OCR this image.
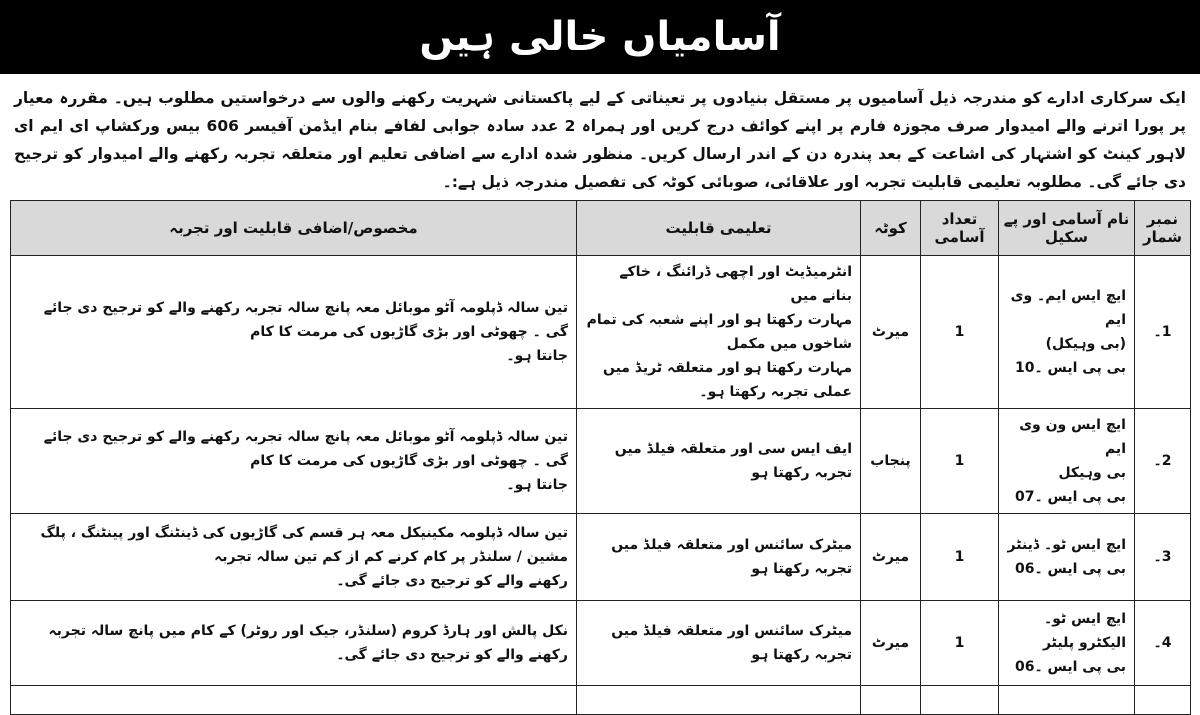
آسامیاں خالی ہیں
ایک سرکاری ادارے کو مندرجہ ذیل آسامیوں پر مستقل بنیادوں پر تعیناتی کے لیے پاکستانی شہریت رکھنے والوں سے درخواستیں مطلوب ہیں۔ مقررہ معیار پر پورا اترنے والے امیدوار صرف مجوزہ فارم پر اپنے کوائف درج کریں اور ہمراہ 2 عدد سادہ جوابی لفافے بنام ایڈمن آفیسر 606 بیس ورکشاپ ای ایم ای لاہور کینٹ کو اشتہار کی اشاعت کے بعد پندرہ دن کے اندر ارسال کریں۔ منظور شدہ ادارے سے اضافی تعلیم اور متعلقہ تجربہ رکھنے والے امیدوار کو ترجیح دی جائے گی۔ مطلوبہ تعلیمی قابلیت تجربہ اور علاقائی، صوبائی کوٹہ کی تفصیل مندرجہ ذیل ہے:۔
نمبر شمار	نام آسامی اور پے سکیل	تعداد آسامی	کوٹہ	تعلیمی قابلیت	مخصوص/اضافی قابلیت اور تجربہ
1۔	ایچ ایس ایم۔ وی ایم
(بی وہیکل)
بی پی ایس ۔10	1	میرٹ	انٹرمیڈیٹ اور اچھی ڈرائنگ ، خاکے بنانے میں
مہارت رکھتا ہو اور اپنے شعبہ کی تمام شاخوں میں مکمل
مہارت رکھتا ہو اور متعلقہ ٹریڈ میں عملی تجربہ رکھتا ہو۔	تین سالہ ڈپلومہ آٹو موبائل معہ پانچ سالہ تجربہ رکھنے والے کو ترجیح دی جائے گی ۔ چھوٹی اور بڑی گاڑیوں کی مرمت کا کام
جانتا ہو۔

2۔	ایچ ایس ون وی ایم
بی وہیکل
بی پی ایس ۔07	1	پنجاب	ایف ایس سی اور متعلقہ فیلڈ میں تجربہ رکھتا ہو	تین سالہ ڈپلومہ آٹو موبائل معہ پانچ سالہ تجربہ رکھنے والے کو ترجیح دی جائے گی ۔ چھوٹی اور بڑی گاڑیوں کی مرمت کا کام
جانتا ہو۔

3۔	ایچ ایس ٹو۔ ڈینٹر
بی پی ایس ۔06	1	میرٹ	میٹرک سائنس اور متعلقہ فیلڈ میں تجربہ رکھتا ہو	تین سالہ ڈپلومہ مکینیکل معہ ہر قسم کی گاڑیوں کی ڈینٹنگ اور پینٹنگ ، پلگ مشین / سلنڈر پر کام کرنے کم از کم تین سالہ تجربہ
رکھنے والے کو ترجیح دی جائے گی۔

4۔	ایچ ایس ٹو۔ الیکٹرو پلیٹر
بی پی ایس ۔06	1	میرٹ	میٹرک سائنس اور متعلقہ فیلڈ میں تجربہ رکھتا ہو	نکل پالش اور ہارڈ کروم (سلنڈر، جیک اور روٹر) کے کام میں پانچ سالہ تجربہ رکھنے والے کو ترجیح دی جائے گی۔
